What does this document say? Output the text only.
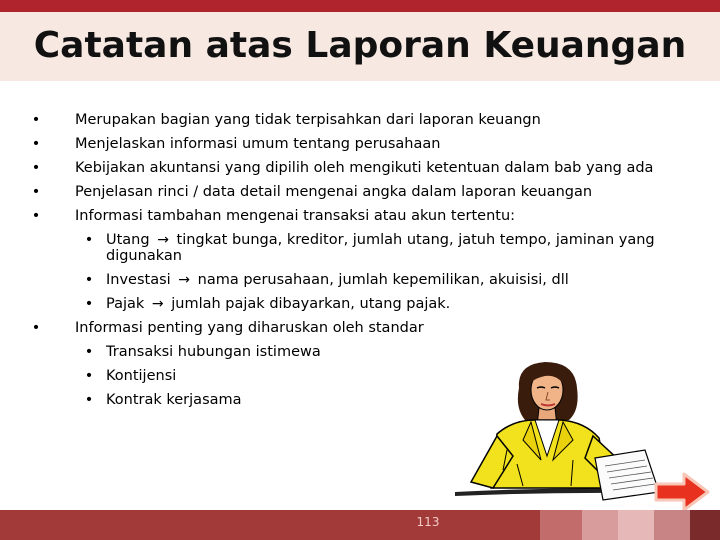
Catatan atas Laporan Keuangan
• Merupakan bagian yang tidak terpisahkan dari laporan keuangn
• Menjelaskan informasi umum tentang perusahaan
• Kebijakan akuntansi yang dipilih oleh mengikuti ketentuan dalam bab yang ada
• Penjelasan rinci / data detail mengenai angka dalam laporan keuangan
• Informasi tambahan mengenai transaksi atau akun tertentu:
• Utang → tingkat bunga, kreditor, jumlah utang, jatuh tempo, jaminan yang
digunakan
• Investasi → nama perusahaan, jumlah kepemilikan, akuisisi, dll
• Pajak → jumlah pajak dibayarkan, utang pajak.
• Informasi penting yang diharuskan oleh standar
• Transaksi hubungan istimewa
• Kontijensi
• Kontrak kerjasama
113
